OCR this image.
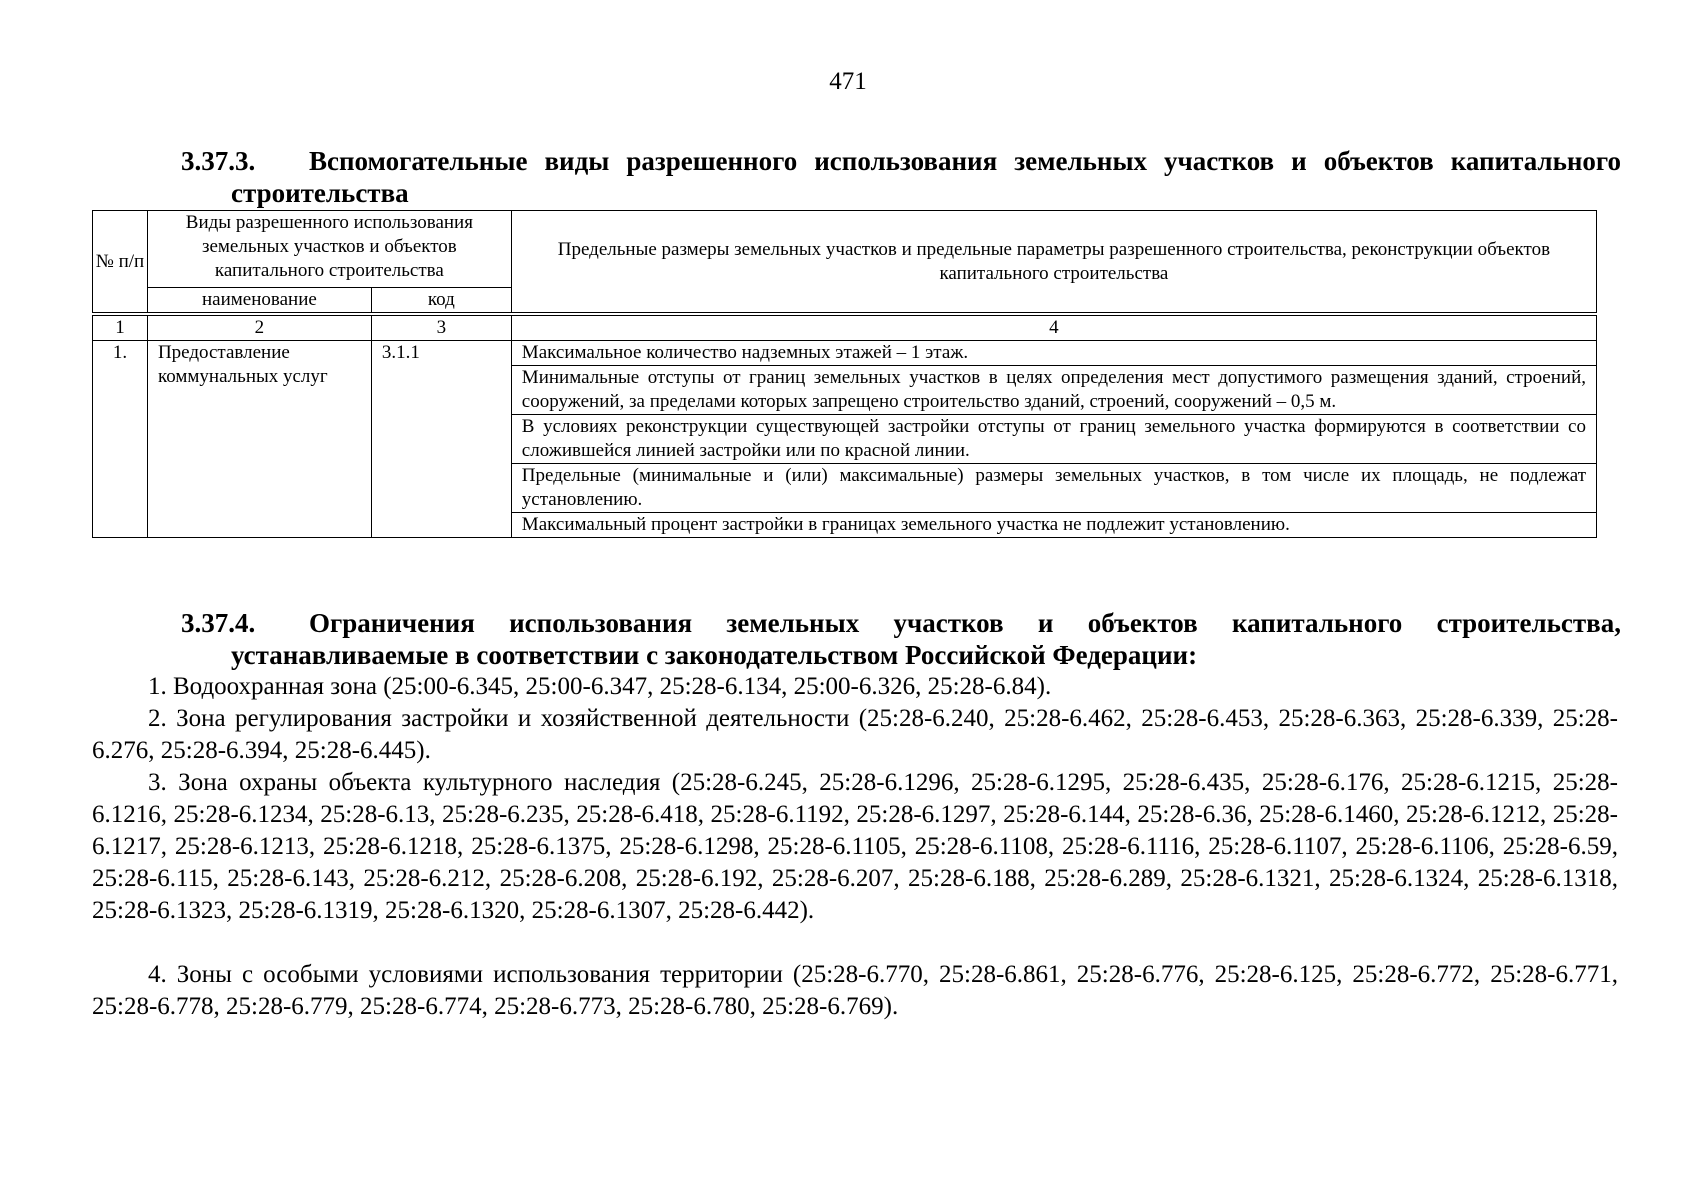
471
3.37.3. Вспомогательные виды разрешенного использования земельных участков и объектов капитального
строительства
№ п/п	Виды разрешенного использования земельных участков и объектов капитального строительства		Предельные размеры земельных участков и предельные параметры разрешенного строительства, реконструкции объектов капитального строительства
	наименование	код	

1	2	3	4
1.	Предоставление коммунальных услуг	3.1.1	Максимальное количество надземных этажей – 1 этаж.
			Минимальные отступы от границ земельных участков в целях определения мест допустимого размещения зданий, строений, сооружений, за пределами которых запрещено строительство зданий, строений, сооружений – 0,5 м.
			В условиях реконструкции существующей застройки отступы от границ земельного участка формируются в соответствии со сложившейся линией застройки или по красной линии.
			Предельные (минимальные и (или) максимальные) размеры земельных участков, в том числе их площадь, не подлежат установлению.
			Максимальный процент застройки в границах земельного участка не подлежит установлению.
3.37.4. Ограничения использования земельных участков и объектов капитального строительства,
устанавливаемые в соответствии с законодательством Российской Федерации:
1. Водоохранная зона (25:00-6.345, 25:00-6.347, 25:28-6.134, 25:00-6.326, 25:28-6.84).
2. Зона регулирования застройки и хозяйственной деятельности (25:28-6.240, 25:28-6.462, 25:28-6.453, 25:28-6.363, 25:28-6.339, 25:28-6.276, 25:28-6.394, 25:28-6.445).
3. Зона охраны объекта культурного наследия (25:28-6.245, 25:28-6.1296, 25:28-6.1295, 25:28-6.435, 25:28-6.176, 25:28-6.1215, 25:28-6.1216, 25:28-6.1234, 25:28-6.13, 25:28-6.235, 25:28-6.418, 25:28-6.1192, 25:28-6.1297, 25:28-6.144, 25:28-6.36, 25:28-6.1460, 25:28-6.1212, 25:28-6.1217, 25:28-6.1213, 25:28-6.1218, 25:28-6.1375, 25:28-6.1298, 25:28-6.1105, 25:28-6.1108, 25:28-6.1116, 25:28-6.1107, 25:28-6.1106, 25:28-6.59, 25:28-6.115, 25:28-6.143, 25:28-6.212, 25:28-6.208, 25:28-6.192, 25:28-6.207, 25:28-6.188, 25:28-6.289, 25:28-6.1321, 25:28-6.1324, 25:28-6.1318, 25:28-6.1323, 25:28-6.1319, 25:28-6.1320, 25:28-6.1307, 25:28-6.442).
4. Зоны с особыми условиями использования территории (25:28-6.770, 25:28-6.861, 25:28-6.776, 25:28-6.125, 25:28-6.772, 25:28-6.771, 25:28-6.778, 25:28-6.779, 25:28-6.774, 25:28-6.773, 25:28-6.780, 25:28-6.769).
